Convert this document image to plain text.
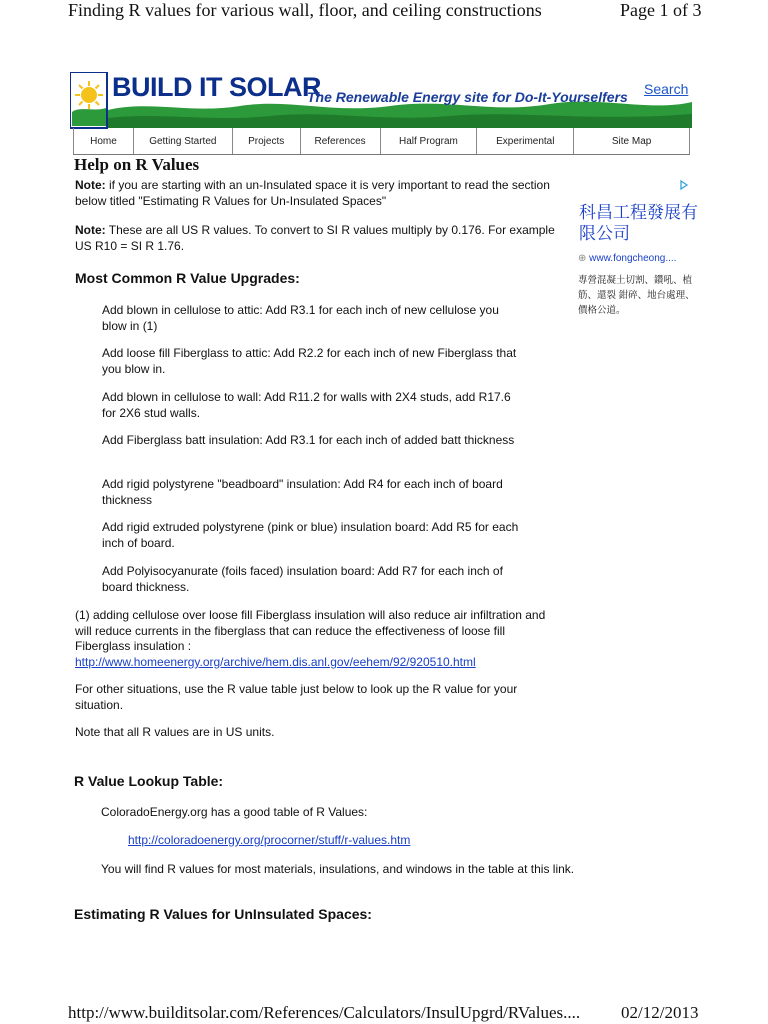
Finding R values for various wall, floor, and ceiling constructions	Page 1 of 3
BUILD IT SOLAR
The Renewable Energy site for Do-It-Yourselfers Search
Home	Getting Started	Projects	References	Half Program	Experimental	Site Map
Help on R Values
Note: if you are starting with an un-Insulated space it is very important to read the section below titled "Estimating R Values for Un-Insulated Spaces"
Note: These are all US R values. To convert to SI R values multiply by 0.176. For example US R10 = SI R 1.76.
Most Common R Value Upgrades:
Add blown in cellulose to attic: Add R3.1 for each inch of new cellulose you blow in (1)
Add loose fill Fiberglass to attic: Add R2.2 for each inch of new Fiberglass that you blow in.
Add blown in cellulose to wall: Add R11.2 for walls with 2X4 studs, add R17.6 for 2X6 stud walls.
Add Fiberglass batt insulation: Add R3.1 for each inch of added batt thickness
Add rigid polystyrene "beadboard" insulation: Add R4 for each inch of board thickness
Add rigid extruded polystyrene (pink or blue) insulation board: Add R5 for each inch of board.
Add Polyisocyanurate (foils faced) insulation board: Add R7 for each inch of board thickness.
(1) adding cellulose over loose fill Fiberglass insulation will also reduce air infiltration and will reduce currents in the fiberglass that can reduce the effectiveness of loose fill Fiberglass insulation :
http://www.homeenergy.org/archive/hem.dis.anl.gov/eehem/92/920510.html
For other situations, use the R value table just below to look up the R value for your situation.
Note that all R values are in US units.
R Value Lookup Table:
ColoradoEnergy.org has a good table of R Values:
http://coloradoenergy.org/procorner/stuff/r-values.htm
You will find R values for most materials, insulations, and windows in the table at this link.
Estimating R Values for UnInsulated Spaces:
科昌工程發展有限公司
⊕ www.fongcheong....
專營混凝土切割、鑽吼、植筋、還裂 鉗碎、地台處理、價格公道。
http://www.builditsolar.com/References/Calculators/InsulUpgrd/RValues.... 02/12/2013
